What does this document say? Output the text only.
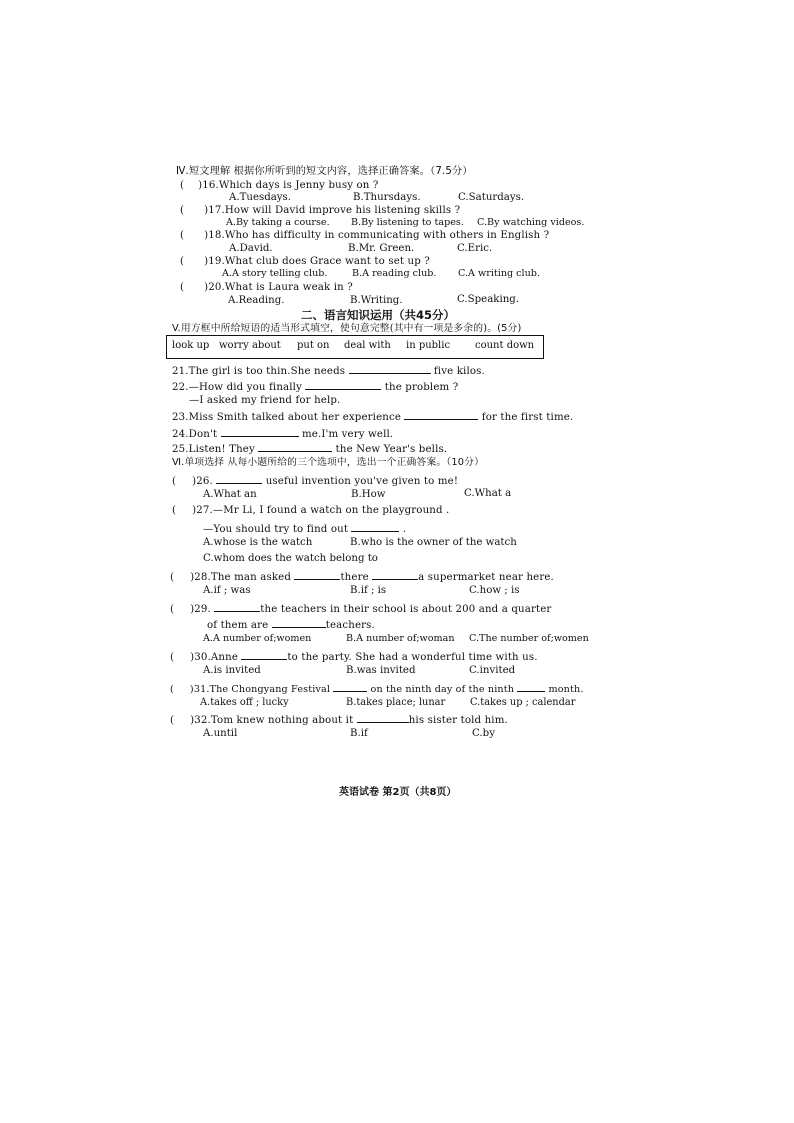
Ⅳ.短文理解 根据你所听到的短文内容，选择正确答案。（7.5分）
( )16.Which days is Jenny busy on ?
A.Tuesdays.	B.Thursdays.	C.Saturdays.
( )17.How will David improve his listening skills ?
A.By taking a course. B.By listening to tapes. C.By watching videos.
( )18.Who has difficulty in communicating with others in English ?
A.David.	B.Mr. Green.	C.Eric.
( )19.What club does Grace want to set up ?
A.A story telling club.	B.A reading club. C.A writing club.
( )20.What is Laura weak in ?
A.Reading.	B.Writing.	C.Speaking.
二、语言知识运用（共45分）
V.用方框中所给短语的适当形式填空，使句意完整(其中有一项是多余的)。(5分)
look up worry about put on deal with in public count down
21.The girl is too thin.She needs	five kilos.
22.—How did you finally	the problem ?
—I asked my friend for help.
23.Miss Smith talked about her experience	for the first time.
24.Don't	me.I'm very well.
25.Listen! They	the New Year's bells.
Ⅵ.单项选择 从每小题所给的三个选项中，选出一个正确答案。（10分）
( )26.	useful invention you've given to me!
A.What an	B.How	C.What a
( )27.—Mr Li, I found a watch on the playground .
—You should try to find out	.
A.whose is the watch	B.who is the owner of the watch
C.whom does the watch belong to
( )28.The man asked	there	a supermarket near here.
A.if ; was	B.if ; is	C.how ; is
( )29.	the teachers in their school is about 200 and a quarter
of them are	teachers.
A.A number of;women	B.A number of;woman C.The number of;women
( )30.Anne	to the party. She had a wonderful time with us.
A.is invited	B.was invited	C.invited
( )31.The Chongyang Festival	on the ninth day of the ninth	month.
A.takes off ; lucky	B.takes place; lunar	C.takes up ; calendar
( )32.Tom knew nothing about it	his sister told him.
A.until	B.if	C.by
英语试卷 第2页（共8页）
